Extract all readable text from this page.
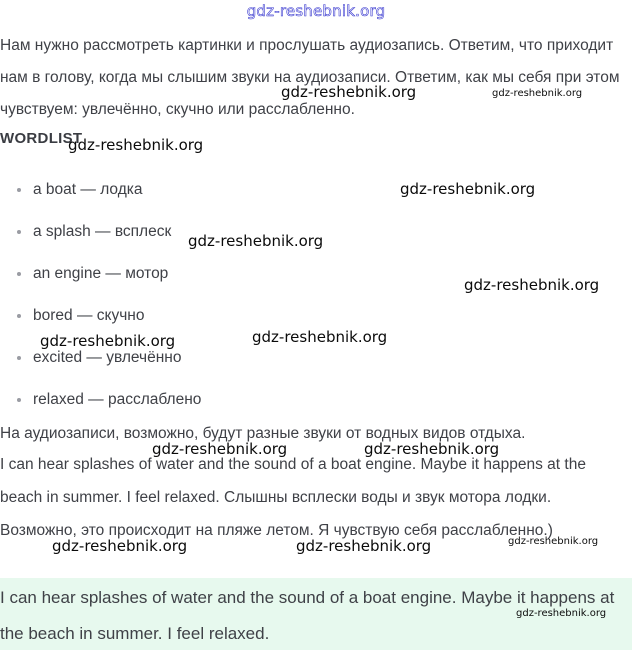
gdz-reshebnik.org

Нам нужно рассмотреть картинки и прослушать аудиозапись. Ответим, что приходит нам в голову, когда мы слышим звуки на аудиозаписи. Ответим, как мы себя при этом чувствуем: увлечённо, скучно или расслабленно.

WORDLIST
a boat — лодка
a splash — всплеск
an engine — мотор
bored — скучно
excited — увлечённо
relaxed — расслаблено

На аудиозаписи, возможно, будут разные звуки от водных видов отдыха.

I can hear splashes of water and the sound of a boat engine. Maybe it happens at the beach in summer. I feel relaxed. Слышны всплески воды и звук мотора лодки. Возможно, это происходит на пляже летом. Я чувствую себя расслабленно.)

I can hear splashes of water and the sound of a boat engine. Maybe it happens at the beach in summer. I feel relaxed.

gdz-reshebnik.org	gdz-reshebnik.org
gdz-reshebnik.org
gdz-reshebnik.org
gdz-reshebnik.org
gdz-reshebnik.org
gdz-reshebnik.org	gdz-reshebnik.org
gdz-reshebnik.org	gdz-reshebnik.org
gdz-reshebnik.org	gdz-reshebnik.org	gdz-reshebnik.org
gdz-reshebnik.org
